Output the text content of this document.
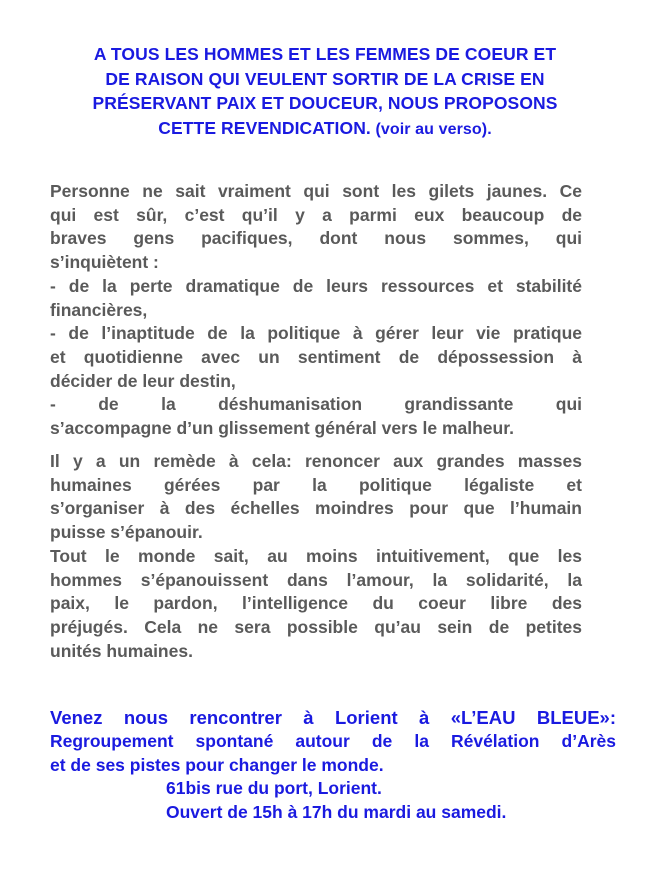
A TOUS LES HOMMES ET LES FEMMES DE COEUR ET
DE RAISON QUI VEULENT SORTIR DE LA CRISE EN
PRÉSERVANT PAIX ET DOUCEUR, NOUS PROPOSONS
CETTE REVENDICATION. (voir au verso).
Personne ne sait vraiment qui sont les gilets jaunes. Ce
qui est sûr, c’est qu’il y a parmi eux beaucoup de
braves gens pacifiques, dont nous sommes, qui
s’inquiètent :
- de la perte dramatique de leurs ressources et stabilité
financières,
- de l’inaptitude de la politique à gérer leur vie pratique
et quotidienne avec un sentiment de dépossession à
décider de leur destin,
- de la déshumanisation grandissante qui
s’accompagne d’un glissement général vers le malheur.
Il y a un remède à cela: renoncer aux grandes masses
humaines gérées par la politique légaliste et
s’organiser à des échelles moindres pour que l’humain
puisse s’épanouir.
Tout le monde sait, au moins intuitivement, que les
hommes s’épanouissent dans l’amour, la solidarité, la
paix, le pardon, l’intelligence du coeur libre des
préjugés. Cela ne sera possible qu’au sein de petites
unités humaines.
Venez nous rencontrer à Lorient à «L’EAU BLEUE»:
Regroupement spontané autour de la Révélation d’Arès
et de ses pistes pour changer le monde.
61bis rue du port, Lorient.
Ouvert de 15h à 17h du mardi au samedi.
